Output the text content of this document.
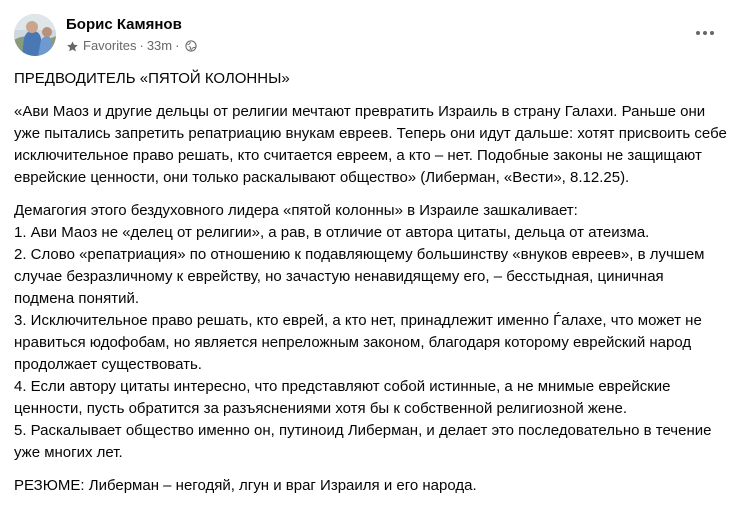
Борис Камянов
Favorites · 33m ·

ПРЕДВОДИТЕЛЬ «ПЯТОЙ КОЛОННЫ»

«Ави Маоз и другие дельцы от религии мечтают превратить Израиль в страну Галахи. Раньше они уже пытались запретить репатриацию внукам евреев. Теперь они идут дальше: хотят присвоить себе исключительное право решать, кто считается евреем, а кто – нет. Подобные законы не защищают еврейские ценности, они только раскалывают общество» (Либерман, «Вести», 8.12.25).

Демагогия этого бездуховного лидера «пятой колонны» в Израиле зашкаливает:

1. Ави Маоз не «делец от религии», а рав, в отличие от автора цитаты, дельца от атеизма.

2. Слово «репатриация» по отношению к подавляющему большинству «внуков евреев», в лучшем случае безразличному к еврейству, но зачастую ненавидящему его, – бесстыдная, циничная подмена понятий.

3. Исключительное право решать, кто еврей, а кто нет, принадлежит именно Ѓалахе, что может не нравиться юдофобам, но является непреложным законом, благодаря которому еврейский народ продолжает существовать.

4. Если автору цитаты интересно, что представляют собой истинные, а не мнимые еврейские ценности, пусть обратится за разъяснениями хотя бы к собственной религиозной жене.

5. Раскалывает общество именно он, путиноид Либерман, и делает это последовательно в течение уже многих лет.

РЕЗЮМЕ: Либерман – негодяй, лгун и враг Израиля и его народа.
